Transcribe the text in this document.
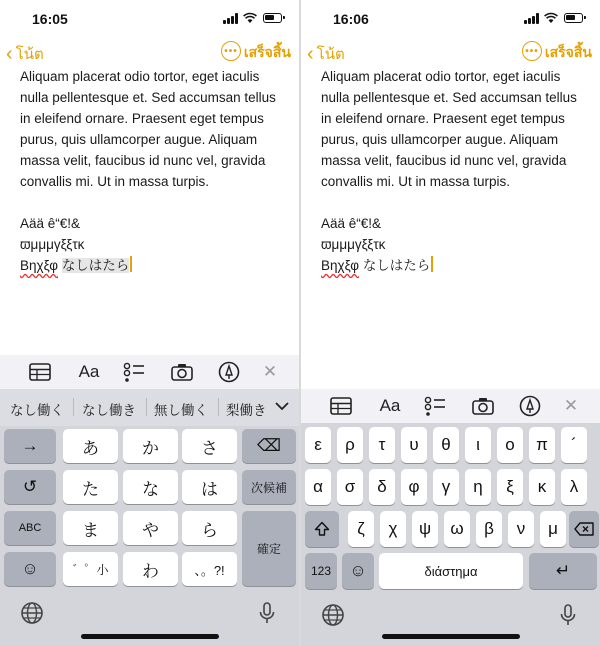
16:05
‹ โน้ต	••• เสร็จสิ้น

Aliquam placerat odio tortor, eget iaculis

nulla pellentesque et. Sed accumsan tellus

in eleifend ornare. Praesent eget tempus

purus, quis ullamcorper augue. Aliquam

massa velit, faucibus id nunc vel, gravida

convallis mi. Ut in massa turpis.

Aää ê“€!&

ϖμμμγξξτκ

Bηχξφ なしはたら

Aa	✕
なし働く なし働き 無し働く 梨働き
→	あ	か	さ	⌫
↺	た	な	は	次候補
ABC	ま	や	ら
確定
☺	゛゜小	わ	、。?!
16:06
‹ โน้ต	••• เสร็จสิ้น

Aliquam placerat odio tortor, eget iaculis

nulla pellentesque et. Sed accumsan tellus

in eleifend ornare. Praesent eget tempus

purus, quis ullamcorper augue. Aliquam

massa velit, faucibus id nunc vel, gravida

convallis mi. Ut in massa turpis.

Aää ê“€!&

ϖμμμγξξτκ

Bηχξφ なしはたら

Aa	✕
ε	ρ	τ	υ	θ	ι	ο	π	´
α	σ	δ	φ	γ	η	ξ	κ	λ
ζ	χ	ψ	ω	β	ν	μ
123	☺	διάστημα	↵
